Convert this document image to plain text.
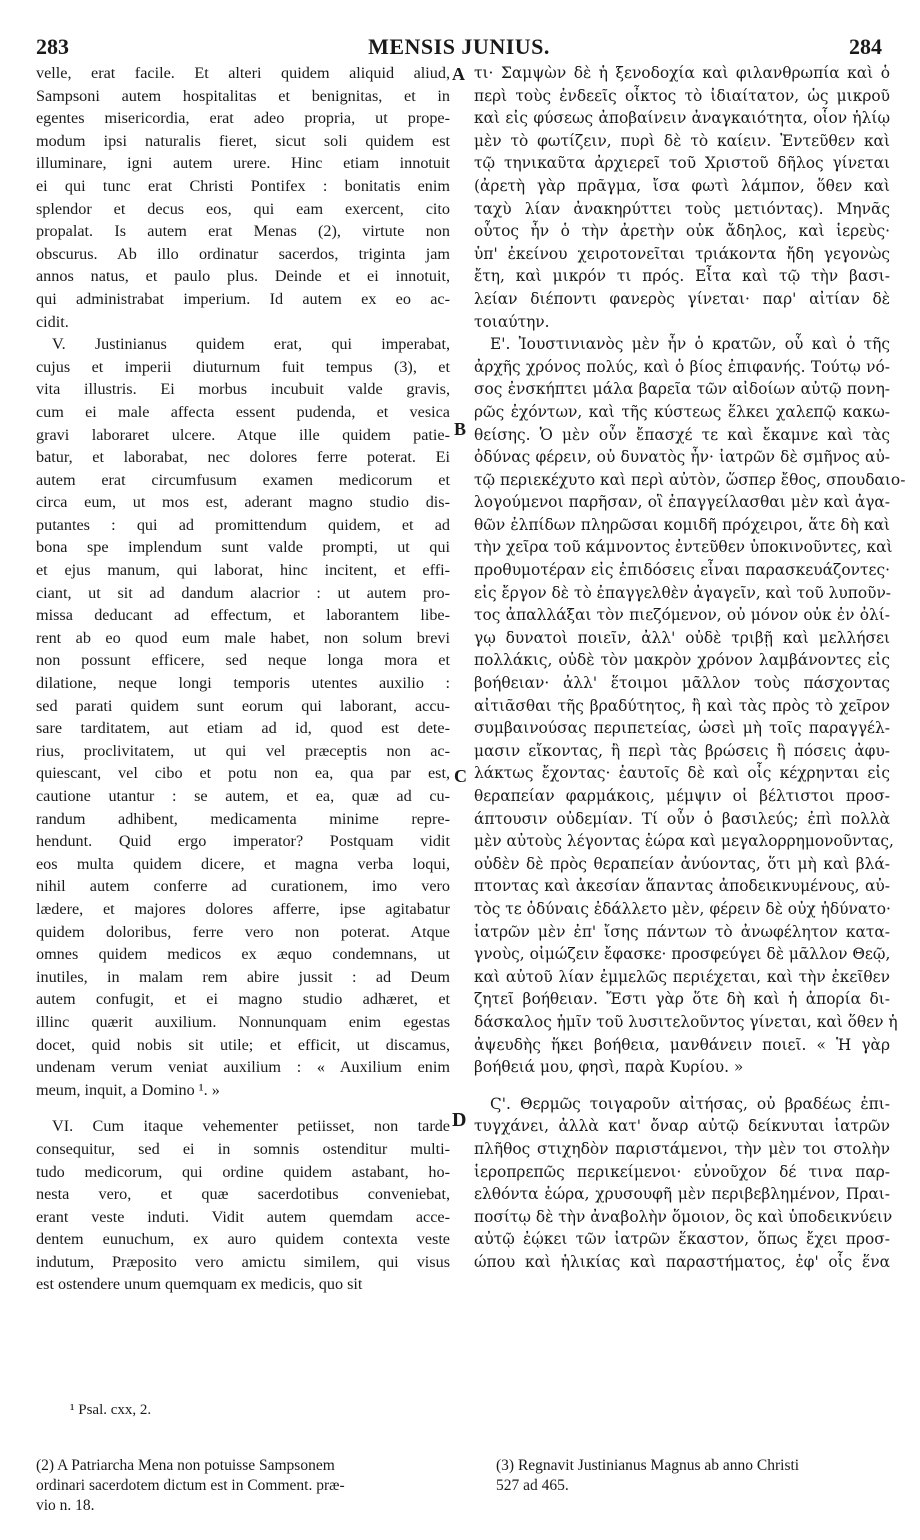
283	MENSIS JUNIUS.	284
velle, erat facile. Et alteri quidem aliquid aliud,
Sampsoni autem hospitalitas et benignitas, et in
egentes misericordia, erat adeo propria, ut prope-
modum ipsi naturalis fieret, sicut soli quidem est
illuminare, igni autem urere. Hinc etiam innotuit
ei qui tunc erat Christi Pontifex : bonitatis enim
splendor et decus eos, qui eam exercent, cito
propalat. Is autem erat Menas (2), virtute non
obscurus. Ab illo ordinatur sacerdos, triginta jam
annos natus, et paulo plus. Deinde et ei innotuit,
qui administrabat imperium. Id autem ex eo ac-
cidit.
V. Justinianus quidem erat, qui imperabat,
cujus et imperii diuturnum fuit tempus (3), et
vita illustris. Ei morbus incubuit valde gravis,
cum ei male affecta essent pudenda, et vesica
gravi laboraret ulcere. Atque ille quidem patie-
batur, et laborabat, nec dolores ferre poterat. Ei
autem erat circumfusum examen medicorum et
circa eum, ut mos est, aderant magno studio dis-
putantes : qui ad promittendum quidem, et ad
bona spe implendum sunt valde prompti, ut qui
et ejus manum, qui laborat, hinc incitent, et effi-
ciant, ut sit ad dandum alacrior : ut autem pro-
missa deducant ad effectum, et laborantem libe-
rent ab eo quod eum male habet, non solum brevi
non possunt efficere, sed neque longa mora et
dilatione, neque longi temporis utentes auxilio :
sed parati quidem sunt eorum qui laborant, accu-
sare tarditatem, aut etiam ad id, quod est dete-
rius, proclivitatem, ut qui vel præceptis non ac-
quiescant, vel cibo et potu non ea, qua par est,
cautione utantur : se autem, et ea, quæ ad cu-
randum adhibent, medicamenta minime repre-
hendunt. Quid ergo imperator? Postquam vidit
eos multa quidem dicere, et magna verba loqui,
nihil autem conferre ad curationem, imo vero
lædere, et majores dolores afferre, ipse agitabatur
quidem doloribus, ferre vero non poterat. Atque
omnes quidem medicos ex æquo condemnans, ut
inutiles, in malam rem abire jussit : ad Deum
autem confugit, et ei magno studio adhæret, et
illinc quærit auxilium. Nonnunquam enim egestas
docet, quid nobis sit utile; et efficit, ut discamus,
undenam verum veniat auxilium : « Auxilium enim
meum, inquit, a Domino ¹. »
VI. Cum itaque vehementer petiisset, non tarde
consequitur, sed ei in somnis ostenditur multi-
tudo medicorum, qui ordine quidem astabant, ho-
nesta vero, et quæ sacerdotibus conveniebat,
erant veste induti. Vidit autem quemdam acce-
dentem eunuchum, ex auro quidem contexta veste
indutum, Præposito vero amictu similem, qui visus
est ostendere unum quemquam ex medicis, quo sit
τι· Σαμψὼν δὲ ἡ ξενοδοχία καὶ φιλανθρωπία καὶ ὁ
περὶ τοὺς ἐνδεεῖς οἶκτος τὸ ἰδιαίτατον, ὡς μικροῦ
καὶ εἰς φύσεως ἀποβαίνειν ἀναγκαιότητα, οἷον ἡλίῳ
μὲν τὸ φωτίζειν, πυρὶ δὲ τὸ καίειν. Ἐντεῦθεν καὶ
τῷ τηνικαῦτα ἀρχιερεῖ τοῦ Χριστοῦ δῆλος γίνεται
(ἀρετὴ γὰρ πρᾶγμα, ἴσα φωτὶ λάμπον, ὅθεν καὶ
ταχὺ λίαν ἀνακηρύττει τοὺς μετιόντας). Μηνᾶς
οὗτος ἦν ὁ τὴν ἀρετὴν οὐκ ἄδηλος, καὶ ἱερεὺς·
ὑπ' ἐκείνου χειροτονεῖται τριάκοντα ἤδη γεγονὼς
ἔτη, καὶ μικρόν τι πρός. Εἶτα καὶ τῷ τὴν βασι-
λείαν διέποντι φανερὸς γίνεται· παρ' αἰτίαν δὲ
τοιαύτην.
Ε'. Ἰουστινιανὸς μὲν ἦν ὁ κρατῶν, οὗ καὶ ὁ τῆς
ἀρχῆς χρόνος πολύς, καὶ ὁ βίος ἐπιφανής. Τούτῳ νό-
σος ἐνσκήπτει μάλα βαρεῖα τῶν αἰδοίων αὐτῷ πονη-
ρῶς ἐχόντων, καὶ τῆς κύστεως ἕλκει χαλεπῷ κακω-
θείσης. Ὁ μὲν οὖν ἔπασχέ τε καὶ ἔκαμνε καὶ τὰς
ὀδύνας φέρειν, οὐ δυνατὸς ἦν· ἰατρῶν δὲ σμῆνος αὐ-
τῷ περιεκέχυτο καὶ περὶ αὐτὸν, ὥσπερ ἔθος, σπουδαιο-
λογούμενοι παρῆσαν, οἳ ἐπαγγείλασθαι μὲν καὶ ἀγα-
θῶν ἐλπίδων πληρῶσαι κομιδῆ πρόχειροι, ἅτε δὴ καὶ
τὴν χεῖρα τοῦ κάμνοντος ἐντεῦθεν ὑποκινοῦντες, καὶ
προθυμοτέραν εἰς ἐπιδόσεις εἶναι παρασκευάζοντες·
εἰς ἔργον δὲ τὸ ἐπαγγελθὲν ἀγαγεῖν, καὶ τοῦ λυποῦν-
τος ἀπαλλάξαι τὸν πιεζόμενον, οὐ μόνον οὐκ ἐν ὀλί-
γῳ δυνατοὶ ποιεῖν, ἀλλ' οὐδὲ τριβῇ καὶ μελλήσει
πολλάκις, οὐδὲ τὸν μακρὸν χρόνον λαμβάνοντες εἰς
βοήθειαν· ἀλλ' ἕτοιμοι μᾶλλον τοὺς πάσχοντας
αἰτιᾶσθαι τῆς βραδύτητος, ἢ καὶ τὰς πρὸς τὸ χεῖρον
συμβαινούσας περιπετείας, ὡσεὶ μὴ τοῖς παραγγέλ-
μασιν εἴκοντας, ἢ περὶ τὰς βρώσεις ἢ πόσεις ἀφυ-
λάκτως ἔχοντας· ἑαυτοῖς δὲ καὶ οἷς κέχρηνται εἰς
θεραπείαν φαρμάκοις, μέμψιν οἱ βέλτιστοι προσ-
άπτουσιν οὐδεμίαν. Τί οὖν ὁ βασιλεύς; ἐπὶ πολλὰ
μὲν αὐτοὺς λέγοντας ἑώρα καὶ μεγαλορρημονοῦντας,
οὐδὲν δὲ πρὸς θεραπείαν ἀνύοντας, ὅτι μὴ καὶ βλά-
πτοντας καὶ ἀκεσίαν ἅπαντας ἀποδεικνυμένους, αὐ-
τὸς τε ὀδύναις ἐδάλλετο μὲν, φέρειν δὲ οὐχ ἡδύνατο·
ἰατρῶν μὲν ἐπ' ἴσης πάντων τὸ ἀνωφέλητον κατα-
γνοὺς, οἰμώζειν ἔφασκε· προσφεύγει δὲ μᾶλλον Θεῷ,
καὶ αὐτοῦ λίαν ἐμμελῶς περιέχεται, καὶ τὴν ἐκεῖθεν
ζητεῖ βοήθειαν. Ἔστι γὰρ ὅτε δὴ καὶ ἡ ἀπορία δι-
δάσκαλος ἡμῖν τοῦ λυσιτελοῦντος γίνεται, καὶ ὅθεν ἡ
ἀψευδὴς ἥκει βοήθεια, μανθάνειν ποιεῖ. « Ἡ γὰρ
βοήθειά μου, φησὶ, παρὰ Κυρίου. »
Ϛ'. Θερμῶς τοιγαροῦν αἰτήσας, οὐ βραδέως ἐπι-
τυγχάνει, ἀλλὰ κατ' ὄναρ αὐτῷ δείκνυται ἰατρῶν
πλῆθος στιχηδὸν παριστάμενοι, τὴν μὲν τοι στολὴν
ἱεροπρεπῶς περικείμενοι· εὐνοῦχον δέ τινα παρ-
ελθόντα ἑώρα, χρυσουφῆ μὲν περιβεβλημένον, Πραι-
ποσίτῳ δὲ τὴν ἀναβολὴν ὅμοιον, ὃς καὶ ὑποδεικνύειν
αὐτῷ ἐῴκει τῶν ἰατρῶν ἕκαστον, ὅπως ἔχει προσ-
ώπου καὶ ἡλικίας καὶ παραστήματος, ἐφ' οἷς ἕνα
A
B
C
D
¹ Psal. cxx, 2.
(2) A Patriarcha Mena non potuisse Sampsonem
ordinari sacerdotem dictum est in Comment. præ-
vio n. 18.
(3) Regnavit Justinianus Magnus ab anno Christi
527 ad 465.
